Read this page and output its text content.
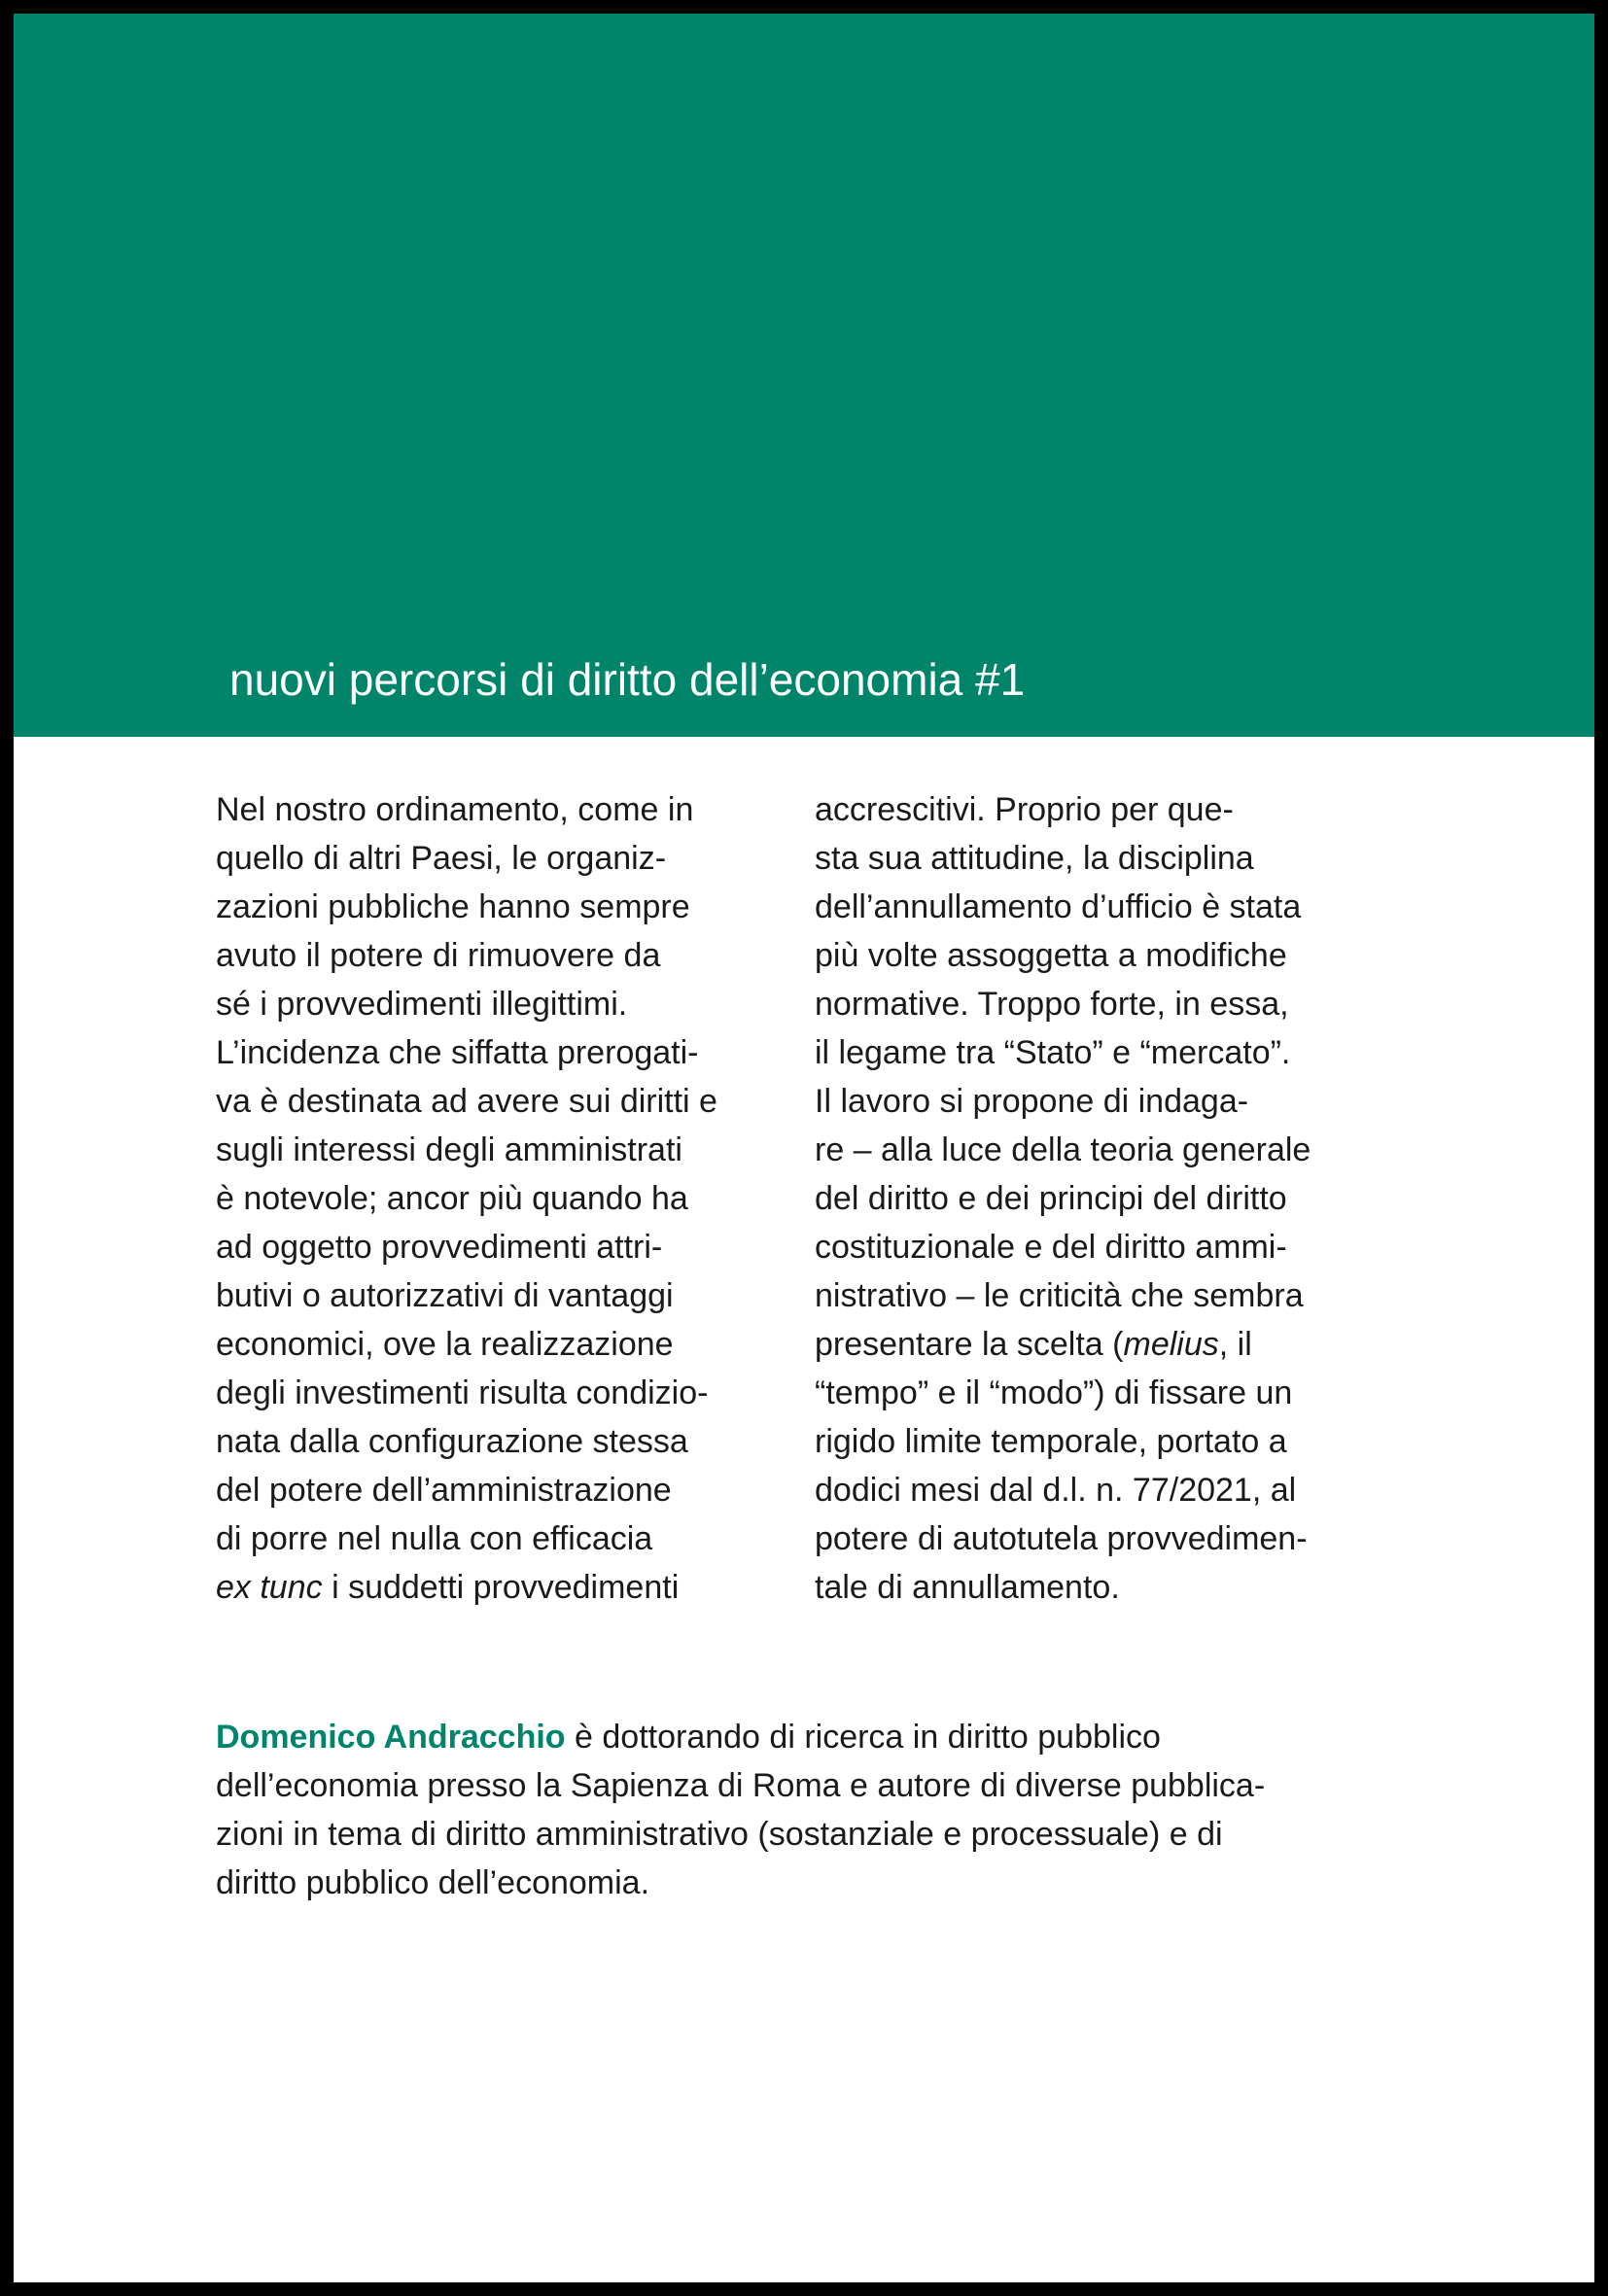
nuovi percorsi di diritto dell’economia #1
Nel nostro ordinamento, come in
quello di altri Paesi, le organiz-
zazioni pubbliche hanno sempre
avuto il potere di rimuovere da
sé i provvedimenti illegittimi.
L’incidenza che siffatta prerogati-
va è destinata ad avere sui diritti e
sugli interessi degli amministrati
è notevole; ancor più quando ha
ad oggetto provvedimenti attri-
butivi o autorizzativi di vantaggi
economici, ove la realizzazione
degli investimenti risulta condizio-
nata dalla configurazione stessa
del potere dell’amministrazione
di porre nel nulla con efficacia
ex tunc i suddetti provvedimenti
accrescitivi. Proprio per que-
sta sua attitudine, la disciplina
dell’annullamento d’ufficio è stata
più volte assoggetta a modifiche
normative. Troppo forte, in essa,
il legame tra “Stato” e “mercato”.
Il lavoro si propone di indaga-
re – alla luce della teoria generale
del diritto e dei principi del diritto
costituzionale e del diritto ammi-
nistrativo – le criticità che sembra
presentare la scelta (melius, il
“tempo” e il “modo”) di fissare un
rigido limite temporale, portato a
dodici mesi dal d.l. n. 77/2021, al
potere di autotutela provvedimen-
tale di annullamento.
Domenico Andracchio è dottorando di ricerca in diritto pubblico
dell’economia presso la Sapienza di Roma e autore di diverse pubblica-
zioni in tema di diritto amministrativo (sostanziale e processuale) e di
diritto pubblico dell’economia.
